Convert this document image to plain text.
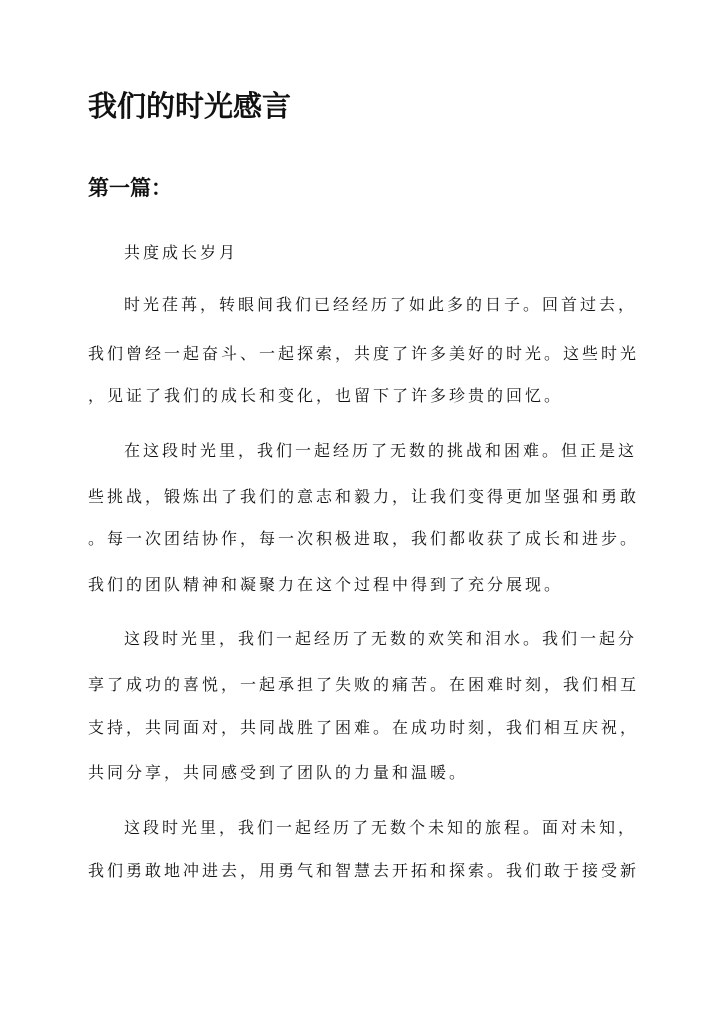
我们的时光感言
第一篇：

共度成长岁月

时光荏苒，转眼间我们已经经历了如此多的日子。回首过去，

我们曾经一起奋斗、一起探索，共度了许多美好的时光。这些时光

，见证了我们的成长和变化，也留下了许多珍贵的回忆。

在这段时光里，我们一起经历了无数的挑战和困难。但正是这

些挑战，锻炼出了我们的意志和毅力，让我们变得更加坚强和勇敢

。每一次团结协作，每一次积极进取，我们都收获了成长和进步。

我们的团队精神和凝聚力在这个过程中得到了充分展现。

这段时光里，我们一起经历了无数的欢笑和泪水。我们一起分

享了成功的喜悦，一起承担了失败的痛苦。在困难时刻，我们相互

支持，共同面对，共同战胜了困难。在成功时刻，我们相互庆祝，

共同分享，共同感受到了团队的力量和温暖。

这段时光里，我们一起经历了无数个未知的旅程。面对未知，

我们勇敢地冲进去，用勇气和智慧去开拓和探索。我们敢于接受新
